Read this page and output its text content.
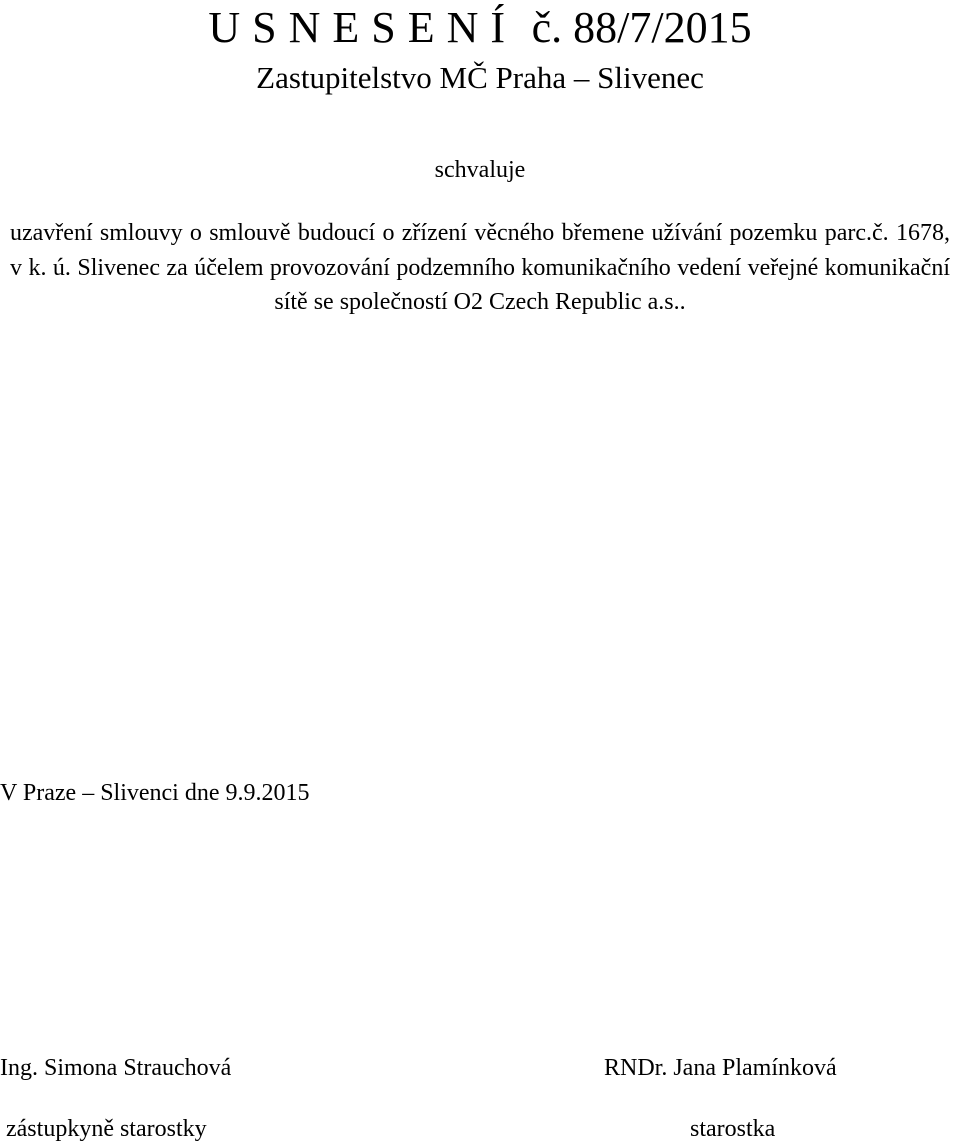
U S N E S E N Í č. 88/7/2015
Zastupitelstvo MČ Praha – Slivenec
schvaluje
uzavření smlouvy o smlouvě budoucí o zřízení věcného břemene užívání pozemku parc.č. 1678, v k. ú. Slivenec za účelem provozování podzemního komunikačního vedení veřejné komunikační sítě se společností O2 Czech Republic a.s..
V Praze – Slivenci dne 9.9.2015
Ing. Simona Strauchová
zástupkyně starostky
RNDr. Jana Plamínková
starostka
